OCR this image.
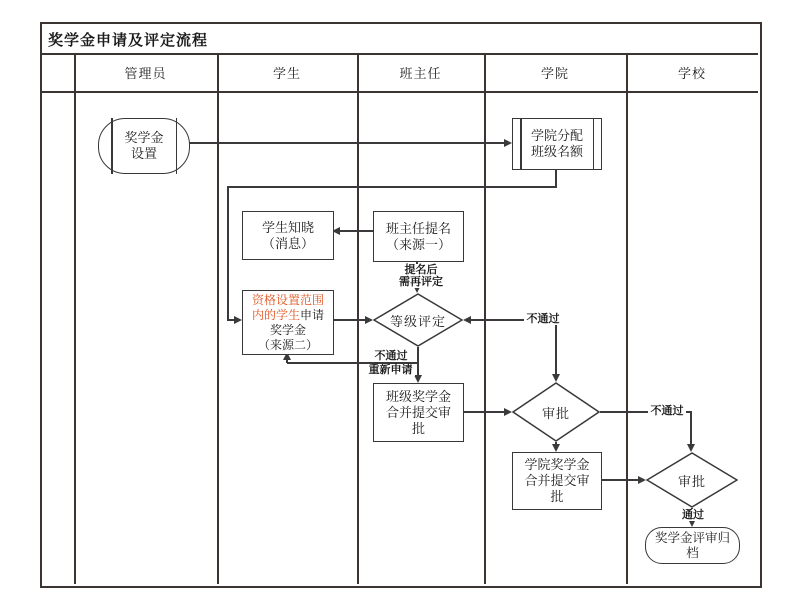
奖学金申请及评定流程
管理员	学生	班主任	学院	学校
奖学金
设置
学院分配
班级名额
学生知晓
（消息）
班主任提名
（来源一）
资格设置范围
内的学生申请
奖学金
（来源二）
等级评定
班级奖学金
合并提交审
批
审批
学院奖学金
合并提交审
批
审批
奖学金评审归
档
提名后
需再评定
不通过
不通过
重新申请
不通过
通过
